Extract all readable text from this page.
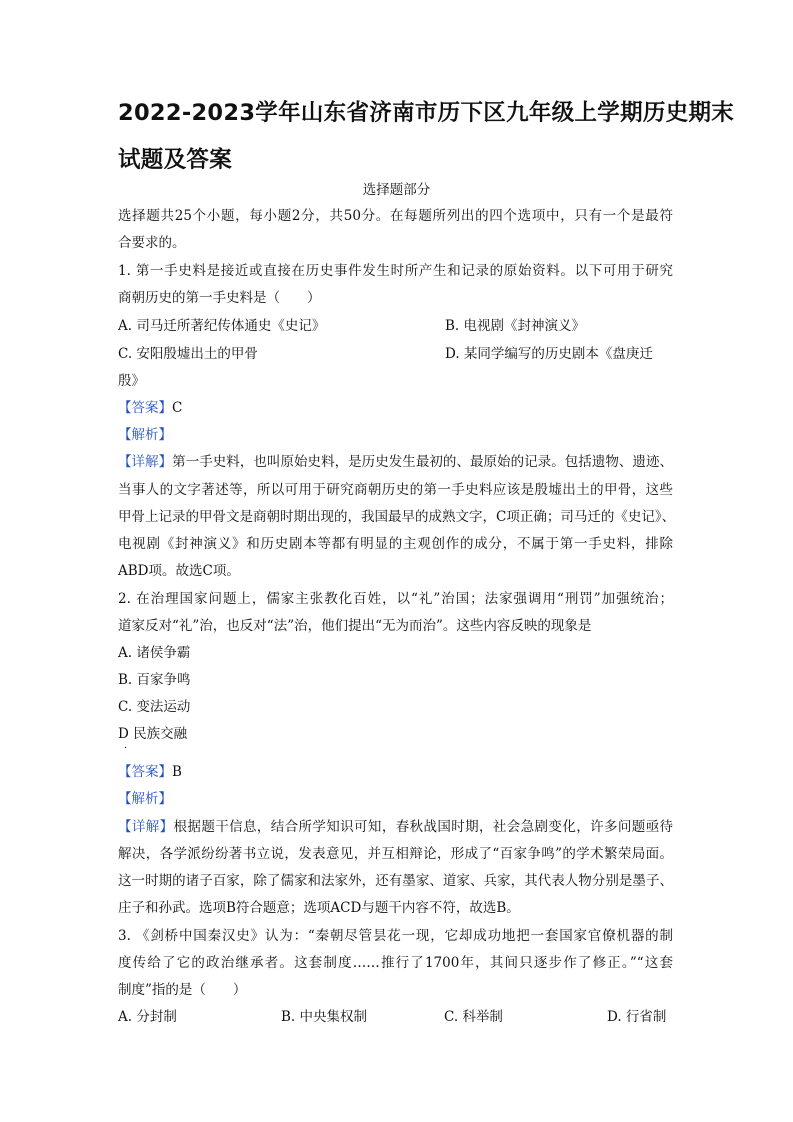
2022-2023学年山东省济南市历下区九年级上学期历史期末
试题及答案
选择题部分
选择题共25个小题，每小题2分，共50分。在每题所列出的四个选项中，只有一个是最符
合要求的。
1. 第一手史料是接近或直接在历史事件发生时所产生和记录的原始资料。以下可用于研究
商朝历史的第一手史料是（　　）
A. 司马迁所著纪传体通史《史记》	B. 电视剧《封神演义》
C. 安阳殷墟出土的甲骨	D. 某同学编写的历史剧本《盘庚迁
殷》
【答案】C
【解析】
【详解】第一手史料，也叫原始史料，是历史发生最初的、最原始的记录。包括遗物、遗迹、
当事人的文字著述等，所以可用于研究商朝历史的第一手史料应该是殷墟出土的甲骨，这些
甲骨上记录的甲骨文是商朝时期出现的，我国最早的成熟文字，C项正确；司马迁的《史记》、
电视剧《封神演义》和历史剧本等都有明显的主观创作的成分，不属于第一手史料，排除
ABD项。故选C项。
2. 在治理国家问题上，儒家主张教化百姓，以“礼”治国；法家强调用“刑罚”加强统治；
道家反对“礼”治，也反对“法”治，他们提出“无为而治”。这些内容反映的现象是
A. 诸侯争霸
B. 百家争鸣
C. 变法运动
D 民族交融
．
【答案】B
【解析】
【详解】根据题干信息，结合所学知识可知，春秋战国时期，社会急剧变化，许多问题亟待
解决，各学派纷纷著书立说，发表意见，并互相辩论，形成了“百家争鸣”的学术繁荣局面。
这一时期的诸子百家，除了儒家和法家外，还有墨家、道家、兵家，其代表人物分别是墨子、
庄子和孙武。选项B符合题意；选项ACD与题干内容不符，故选B。
3. 《剑桥中国秦汉史》认为：“秦朝尽管昙花一现，它却成功地把一套国家官僚机器的制
度传给了它的政治继承者。这套制度……推行了1700年，其间只逐步作了修正。”“这套
制度”指的是（　　）
A. 分封制	B. 中央集权制	C. 科举制	D. 行省制
